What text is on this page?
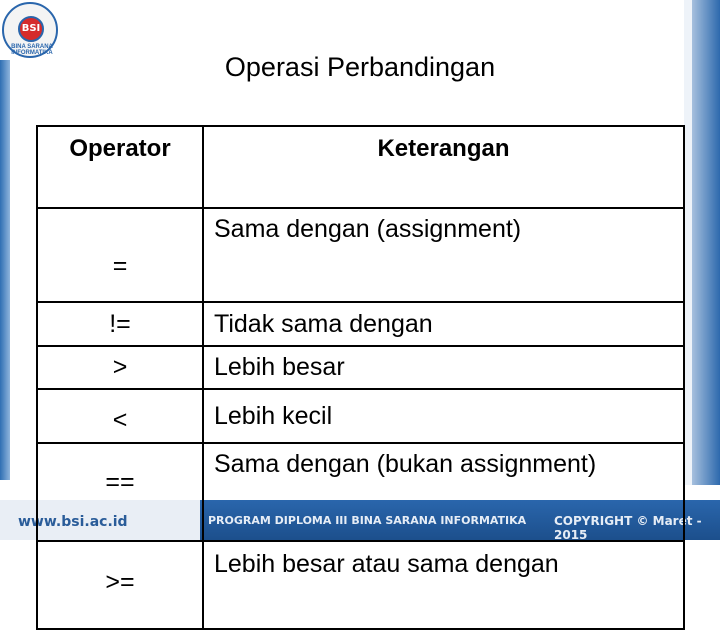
BSI
BINA SARANA INFORMATIKA	Operasi Perbandingan
www.bsi.ac.id	PROGRAM DIPLOMA III BINA SARANA INFORMATIKA COPYRIGHT © Maret - 2015
Operator	Keterangan
=	Sama dengan (assignment)
!=	Tidak sama dengan
>	Lebih besar
<	Lebih kecil
==	Sama dengan (bukan assignment)
>=	Lebih besar atau sama dengan
